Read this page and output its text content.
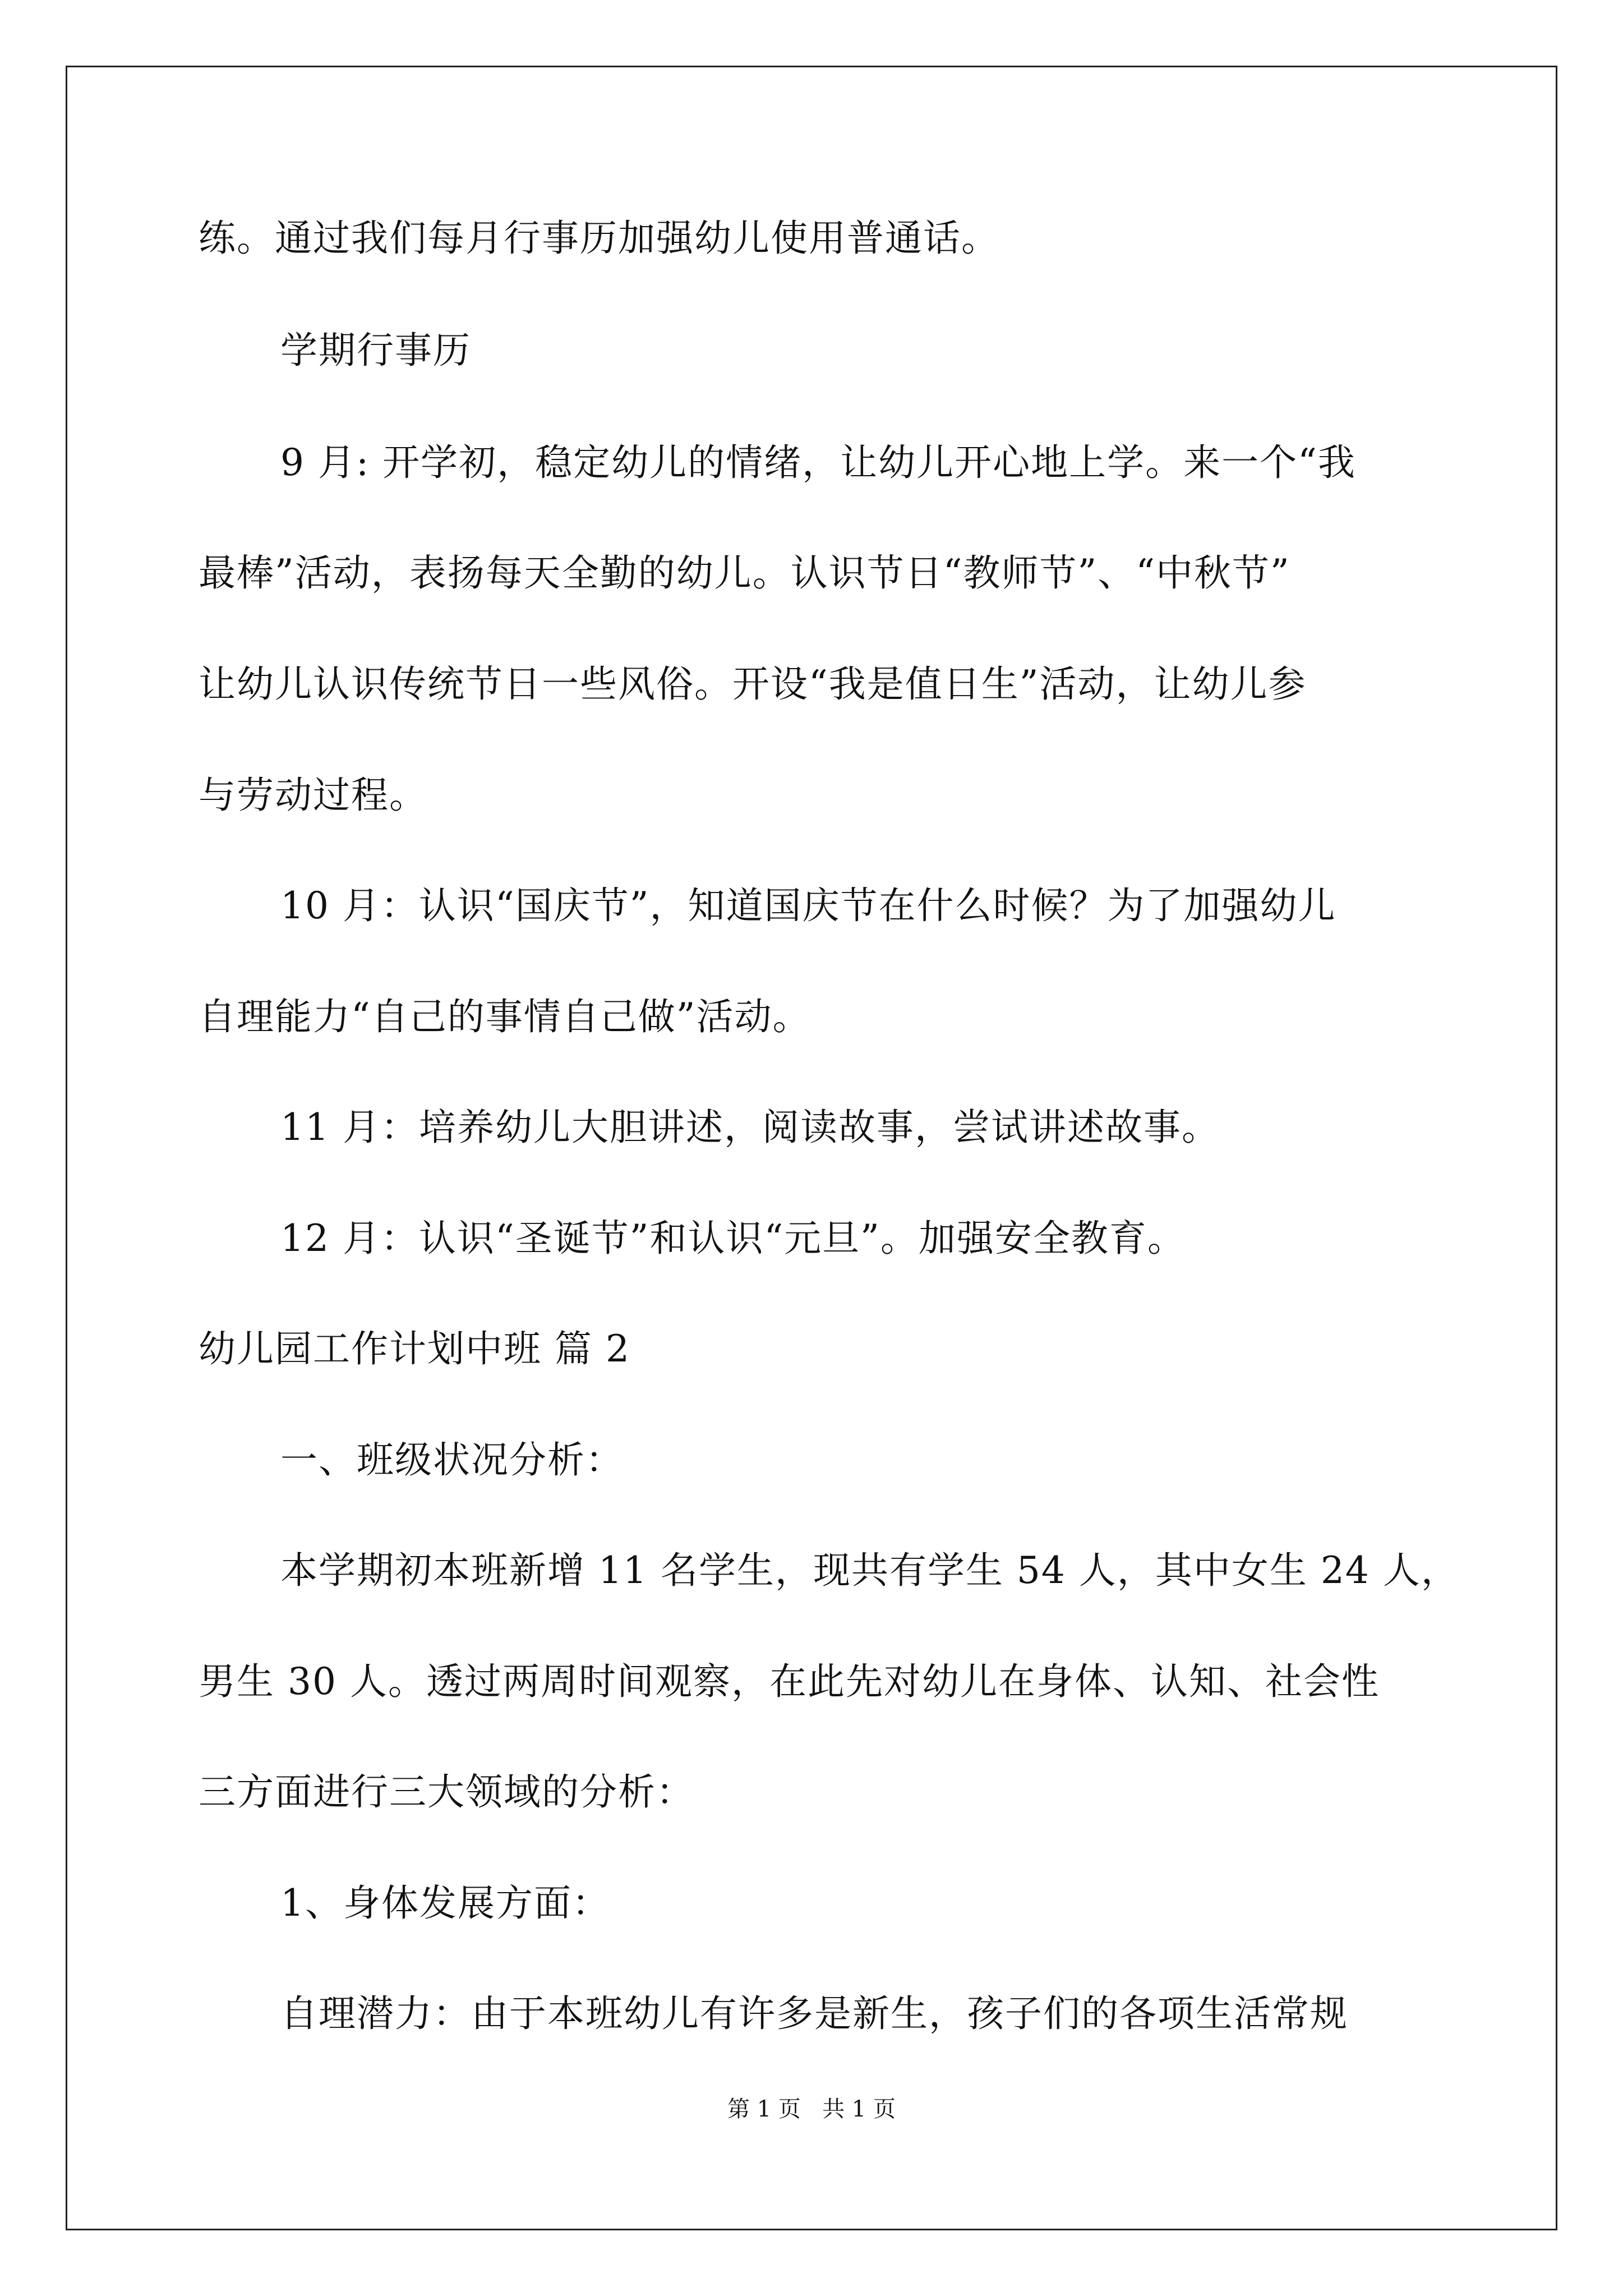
练。通过我们每月行事历加强幼儿使用普通话。
学期行事历
9 月: 开学初，稳定幼儿的情绪，让幼儿开心地上学。来一个“我
最棒”活动，表扬每天全勤的幼儿。认识节日“教师节”、“中秋节”
让幼儿认识传统节日一些风俗。开设“我是值日生”活动，让幼儿参
与劳动过程。
10 月：认识“国庆节”，知道国庆节在什么时候？为了加强幼儿
自理能力“自己的事情自己做”活动。
11 月：培养幼儿大胆讲述，阅读故事，尝试讲述故事。
12 月：认识“圣诞节”和认识“元旦”。加强安全教育。
幼儿园工作计划中班 篇 2
一、班级状况分析：
本学期初本班新增 11 名学生，现共有学生 54 人，其中女生 24 人，
男生 30 人。透过两周时间观察，在此先对幼儿在身体、认知、社会性
三方面进行三大领域的分析：
1、身体发展方面：
自理潜力：由于本班幼儿有许多是新生，孩子们的各项生活常规
第 1 页   共 1 页
